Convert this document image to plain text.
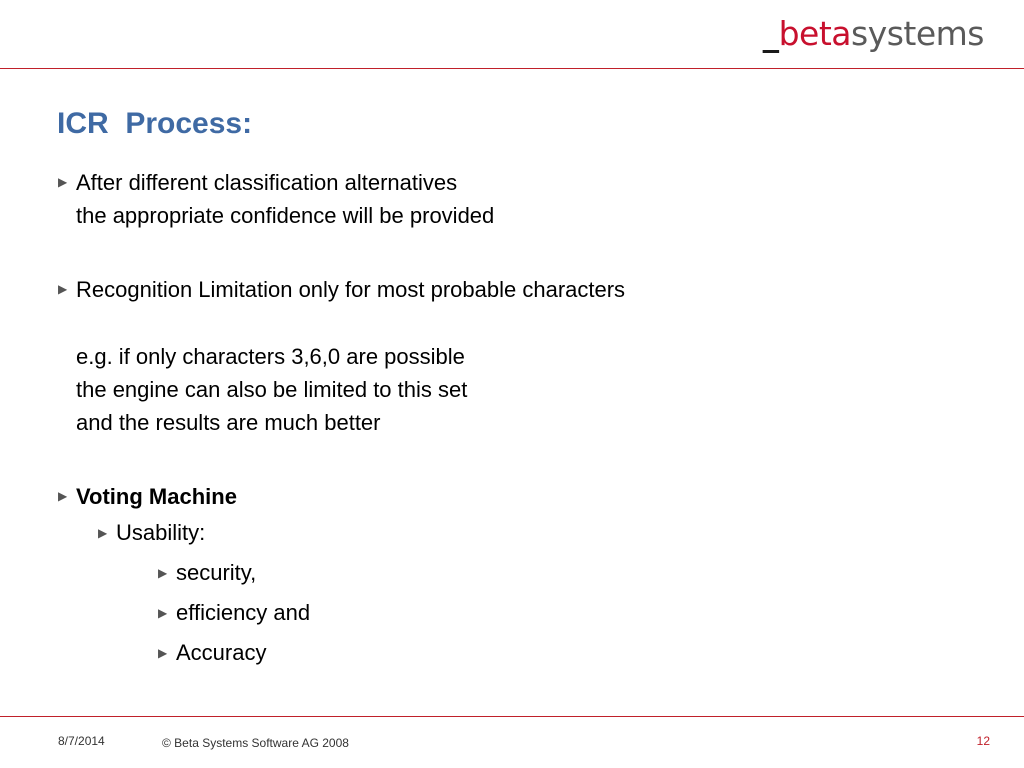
_betasystems
ICR  Process:
▶ After different classification alternatives
the appropriate confidence will be provided
▶ Recognition Limitation only for most probable characters
e.g. if only characters 3,6,0 are possible
the engine can also be limited to this set
and the results are much better
▶ Voting Machine
▶ Usability:
▶ security,
▶ efficiency and
▶ Accuracy
8/7/2014	© Beta Systems Software AG 2008	12
